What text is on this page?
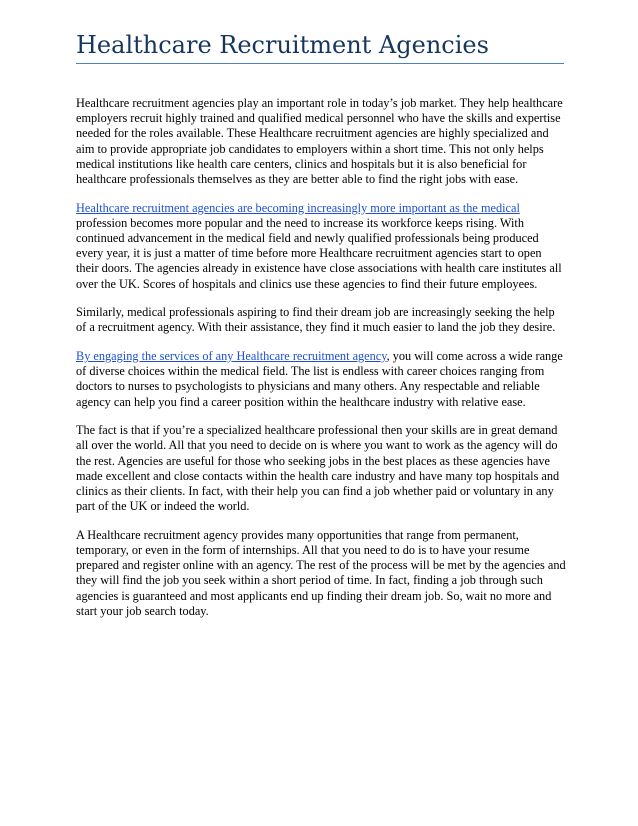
Healthcare Recruitment Agencies

Healthcare recruitment agencies play an important role in today’s job market. They help healthcare employers recruit highly trained and qualified medical personnel who have the skills and expertise needed for the roles available. These Healthcare recruitment agencies are highly specialized and aim to provide appropriate job candidates to employers within a short time. This not only helps medical institutions like health care centers, clinics and hospitals but it is also beneficial for healthcare professionals themselves as they are better able to find the right jobs with ease.

Healthcare recruitment agencies are becoming increasingly more important as the medical profession becomes more popular and the need to increase its workforce keeps rising. With continued advancement in the medical field and newly qualified professionals being produced every year, it is just a matter of time before more Healthcare recruitment agencies start to open their doors. The agencies already in existence have close associations with health care institutes all over the UK. Scores of hospitals and clinics use these agencies to find their future employees.

Similarly, medical professionals aspiring to find their dream job are increasingly seeking the help of a recruitment agency. With their assistance, they find it much easier to land the job they desire.

By engaging the services of any Healthcare recruitment agency, you will come across a wide range of diverse choices within the medical field. The list is endless with career choices ranging from doctors to nurses to psychologists to physicians and many others. Any respectable and reliable agency can help you find a career position within the healthcare industry with relative ease.

The fact is that if you’re a specialized healthcare professional then your skills are in great demand all over the world. All that you need to decide on is where you want to work as the agency will do the rest. Agencies are useful for those who seeking jobs in the best places as these agencies have made excellent and close contacts within the health care industry and have many top hospitals and clinics as their clients. In fact, with their help you can find a job whether paid or voluntary in any part of the UK or indeed the world.

A Healthcare recruitment agency provides many opportunities that range from permanent, temporary, or even in the form of internships. All that you need to do is to have your resume prepared and register online with an agency. The rest of the process will be met by the agencies and they will find the job you seek within a short period of time. In fact, finding a job through such agencies is guaranteed and most applicants end up finding their dream job. So, wait no more and start your job search today.
